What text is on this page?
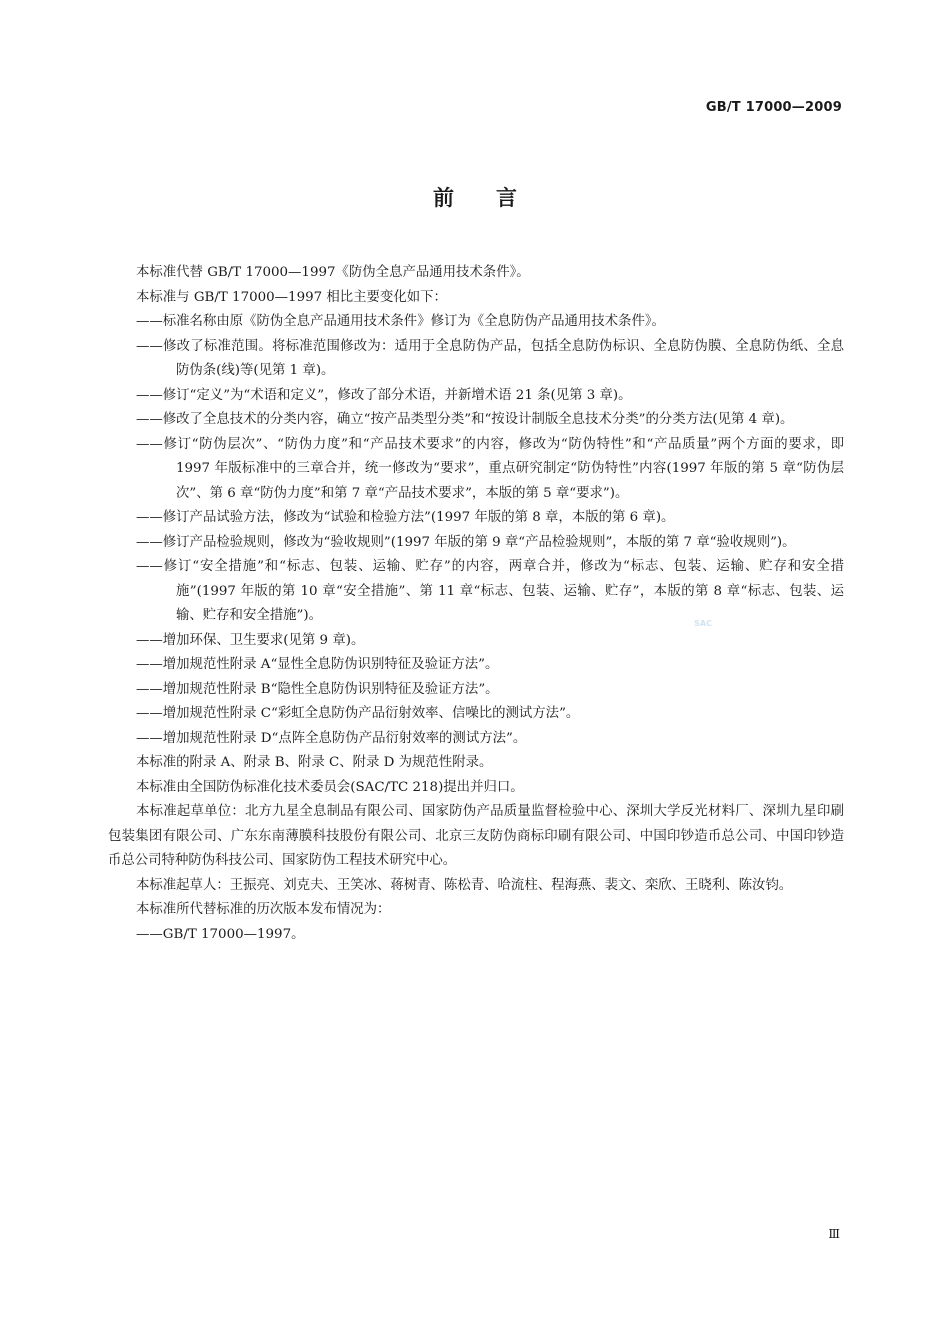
GB/T 17000—2009
前言

本标准代替 GB/T 17000—1997《防伪全息产品通用技术条件》。

本标准与 GB/T 17000—1997 相比主要变化如下：

——标准名称由原《防伪全息产品通用技术条件》修订为《全息防伪产品通用技术条件》。

——修改了标准范围。将标准范围修改为：适用于全息防伪产品，包括全息防伪标识、全息防伪膜、全息防伪纸、全息防伪条(线)等(见第 1 章)。

——修订“定义”为“术语和定义”，修改了部分术语，并新增术语 21 条(见第 3 章)。

——修改了全息技术的分类内容，确立“按产品类型分类”和“按设计制版全息技术分类”的分类方法(见第 4 章)。

——修订“防伪层次”、“防伪力度”和“产品技术要求”的内容，修改为“防伪特性”和“产品质量”两个方面的要求，即 1997 年版标准中的三章合并，统一修改为“要求”，重点研究制定“防伪特性”内容(1997 年版的第 5 章“防伪层次”、第 6 章“防伪力度”和第 7 章“产品技术要求”，本版的第 5 章“要求”)。

——修订产品试验方法，修改为“试验和检验方法”(1997 年版的第 8 章，本版的第 6 章)。

——修订产品检验规则，修改为“验收规则”(1997 年版的第 9 章“产品检验规则”，本版的第 7 章“验收规则”)。

——修订“安全措施”和“标志、包装、运输、贮存”的内容，两章合并，修改为“标志、包装、运输、贮存和安全措施”(1997 年版的第 10 章“安全措施”、第 11 章“标志、包装、运输、贮存”，本版的第 8 章“标志、包装、运输、贮存和安全措施”)。

——增加环保、卫生要求(见第 9 章)。

——增加规范性附录 A“显性全息防伪识别特征及验证方法”。

——增加规范性附录 B“隐性全息防伪识别特征及验证方法”。

——增加规范性附录 C“彩虹全息防伪产品衍射效率、信噪比的测试方法”。

——增加规范性附录 D“点阵全息防伪产品衍射效率的测试方法”。

本标准的附录 A、附录 B、附录 C、附录 D 为规范性附录。

本标准由全国防伪标准化技术委员会(SAC/TC 218)提出并归口。

本标准起草单位：北方九星全息制品有限公司、国家防伪产品质量监督检验中心、深圳大学反光材料厂、深圳九星印刷包装集团有限公司、广东东南薄膜科技股份有限公司、北京三友防伪商标印刷有限公司、中国印钞造币总公司、中国印钞造币总公司特种防伪科技公司、国家防伪工程技术研究中心。

本标准起草人：王振亮、刘克夫、王笑冰、蒋树青、陈松青、哈流柱、程海燕、裴文、栾欣、王晓利、陈汝钧。

本标准所代替标准的历次版本发布情况为：

——GB/T 17000—1997。

SAC
Ⅲ
